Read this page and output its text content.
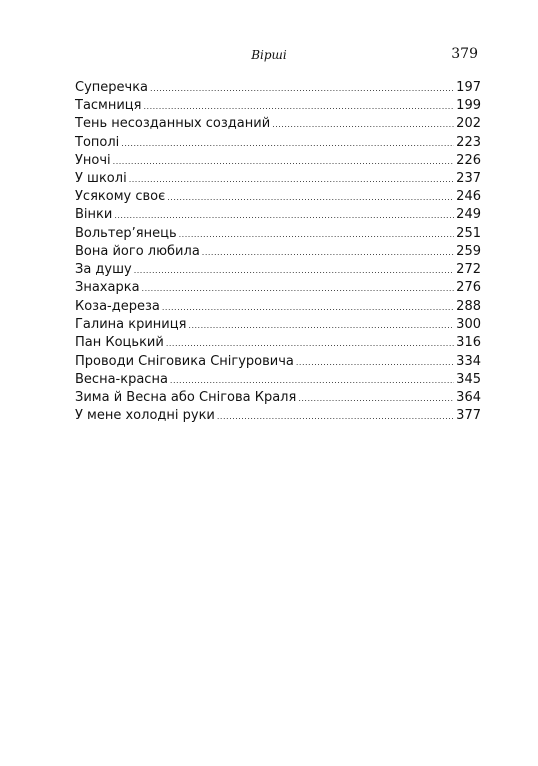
Вірші	379
Суперечка .....	197
Тасмниця .....	199
Тень несозданных созданий .....	202
Тополі .....	223
Уночі .....	226
У школі .....	237
Усякому своє .....	246
Вінки .....	249
Вольтер’янець .....	251
Вона його любила .....	259
За душу .....	272
Знахарка .....	276
Коза-дереза .....	288
Галина криниця .....	300
Пан Коцький .....	316
Проводи Сніговика Снігуровича .....	334
Весна-красна .....	345
Зима й Весна або Снігова Краля .....	364
У мене холодні руки .....	377
